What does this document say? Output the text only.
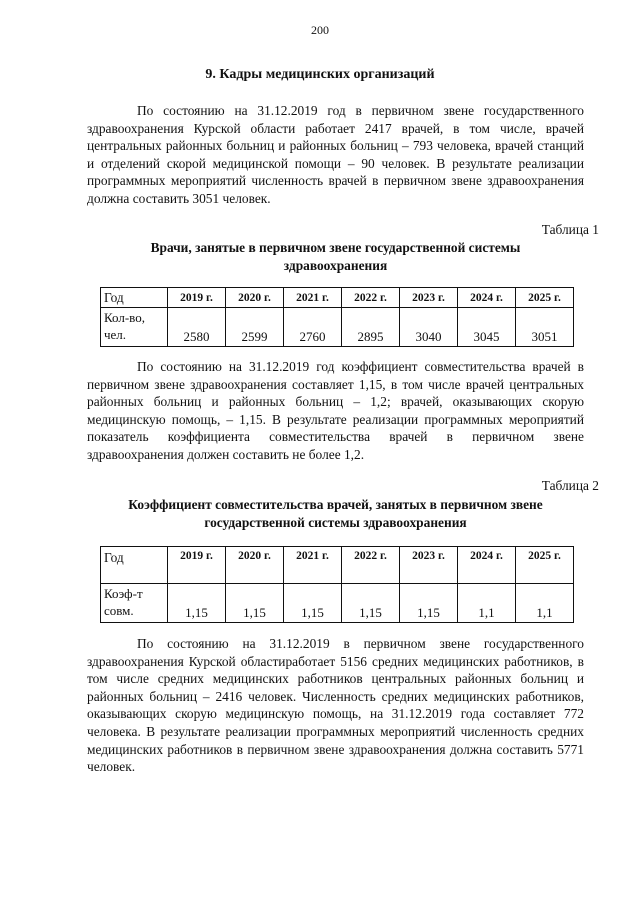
200
9. Кадры медицинских организаций

По состоянию на 31.12.2019 год в первичном звене государственного здравоохранения Курской области работает 2417 врачей, в том числе, врачей центральных районных больниц и районных больниц – 793 человека, врачей станций и отделений скорой медицинской помощи – 90 человек. В результате реализации программных мероприятий численность врачей в первичном звене здравоохранения должна составить 3051 человек.

Таблица 1
Врачи, занятые в первичном звене государственной системы
здравоохранения
Год	2019 г.	2020 г.	2021 г.	2022 г.	2023 г.	2024 г.	2025 г.

Кол-во,
чел.	2580	2599	2760	2895	3040	3045	3051

По состоянию на 31.12.2019 год коэффициент совместительства врачей в первичном звене здравоохранения составляет 1,15, в том числе врачей центральных районных больниц и районных больниц – 1,2; врачей, оказывающих скорую медицинскую помощь, – 1,15. В результате реализации программных мероприятий показатель коэффициента совместительства врачей в первичном звене здравоохранения должен составить не более 1,2.

Таблица 2
Коэффициент совместительства врачей, занятых в первичном звене
государственной системы здравоохранения
Год	2019 г.	2020 г.	2021 г.	2022 г.	2023 г.	2024 г.	2025 г.

Коэф-т
совм.	1,15	1,15	1,15	1,15	1,15	1,1	1,1

По состоянию на 31.12.2019 в первичном звене государственного здравоохранения Курской областиработает 5156 средних медицинских работников, в том числе средних медицинских работников центральных районных больниц и районных больниц – 2416 человек. Численность средних медицинских работников, оказывающих скорую медицинскую помощь, на 31.12.2019 года составляет 772 человека. В результате реализации программных мероприятий численность средних медицинских работников в первичном звене здравоохранения должна составить 5771 человек.
